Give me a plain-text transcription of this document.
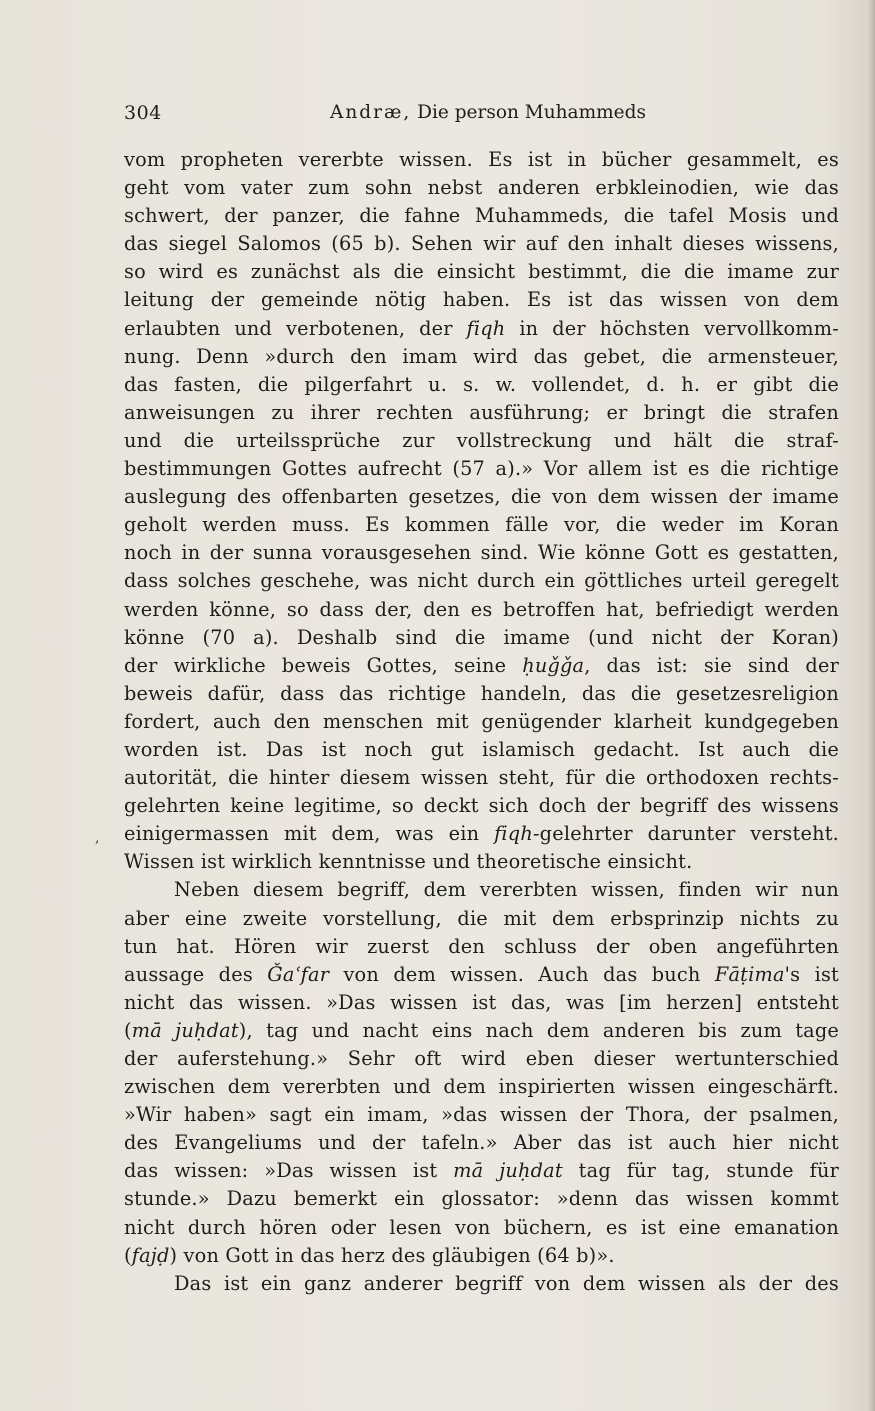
304	Andræ, Die person Muhammeds
,
vom propheten vererbte wissen. Es ist in bücher gesammelt, es
geht vom vater zum sohn nebst anderen erbkleinodien, wie das
schwert, der panzer, die fahne Muhammeds, die tafel Mosis und
das siegel Salomos (65 b). Sehen wir auf den inhalt dieses wissens,
so wird es zunächst als die einsicht bestimmt, die die imame zur
leitung der gemeinde nötig haben. Es ist das wissen von dem
erlaubten und verbotenen, der fiqh in der höchsten vervollkomm-
nung. Denn »durch den imam wird das gebet, die armensteuer,
das fasten, die pilgerfahrt u. s. w. vollendet, d. h. er gibt die
anweisungen zu ihrer rechten ausführung; er bringt die strafen
und die urteilssprüche zur vollstreckung und hält die straf-
bestimmungen Gottes aufrecht (57 a).» Vor allem ist es die richtige
auslegung des offenbarten gesetzes, die von dem wissen der imame
geholt werden muss. Es kommen fälle vor, die weder im Koran
noch in der sunna vorausgesehen sind. Wie könne Gott es gestatten,
dass solches geschehe, was nicht durch ein göttliches urteil geregelt
werden könne, so dass der, den es betroffen hat, befriedigt werden
könne (70 a). Deshalb sind die imame (und nicht der Koran)
der wirkliche beweis Gottes, seine ḥuǧǧa, das ist: sie sind der
beweis dafür, dass das richtige handeln, das die gesetzesreligion
fordert, auch den menschen mit genügender klarheit kundgegeben
worden ist. Das ist noch gut islamisch gedacht. Ist auch die
autorität, die hinter diesem wissen steht, für die orthodoxen rechts-
gelehrten keine legitime, so deckt sich doch der begriff des wissens
einigermassen mit dem, was ein fiqh-gelehrter darunter versteht.
Wissen ist wirklich kenntnisse und theoretische einsicht.
Neben diesem begriff, dem vererbten wissen, finden wir nun
aber eine zweite vorstellung, die mit dem erbsprinzip nichts zu
tun hat. Hören wir zuerst den schluss der oben angeführten
aussage des Ǧaʿfar von dem wissen. Auch das buch Fāṭima's ist
nicht das wissen. »Das wissen ist das, was [im herzen] entsteht
(mā juḥdat), tag und nacht eins nach dem anderen bis zum tage
der auferstehung.» Sehr oft wird eben dieser wertunterschied
zwischen dem vererbten und dem inspirierten wissen eingeschärft.
»Wir haben» sagt ein imam, »das wissen der Thora, der psalmen,
des Evangeliums und der tafeln.» Aber das ist auch hier nicht
das wissen: »Das wissen ist mā juḥdat tag für tag, stunde für
stunde.» Dazu bemerkt ein glossator: »denn das wissen kommt
nicht durch hören oder lesen von büchern, es ist eine emanation
(fajḍ) von Gott in das herz des gläubigen (64 b)».
Das ist ein ganz anderer begriff von dem wissen als der des
